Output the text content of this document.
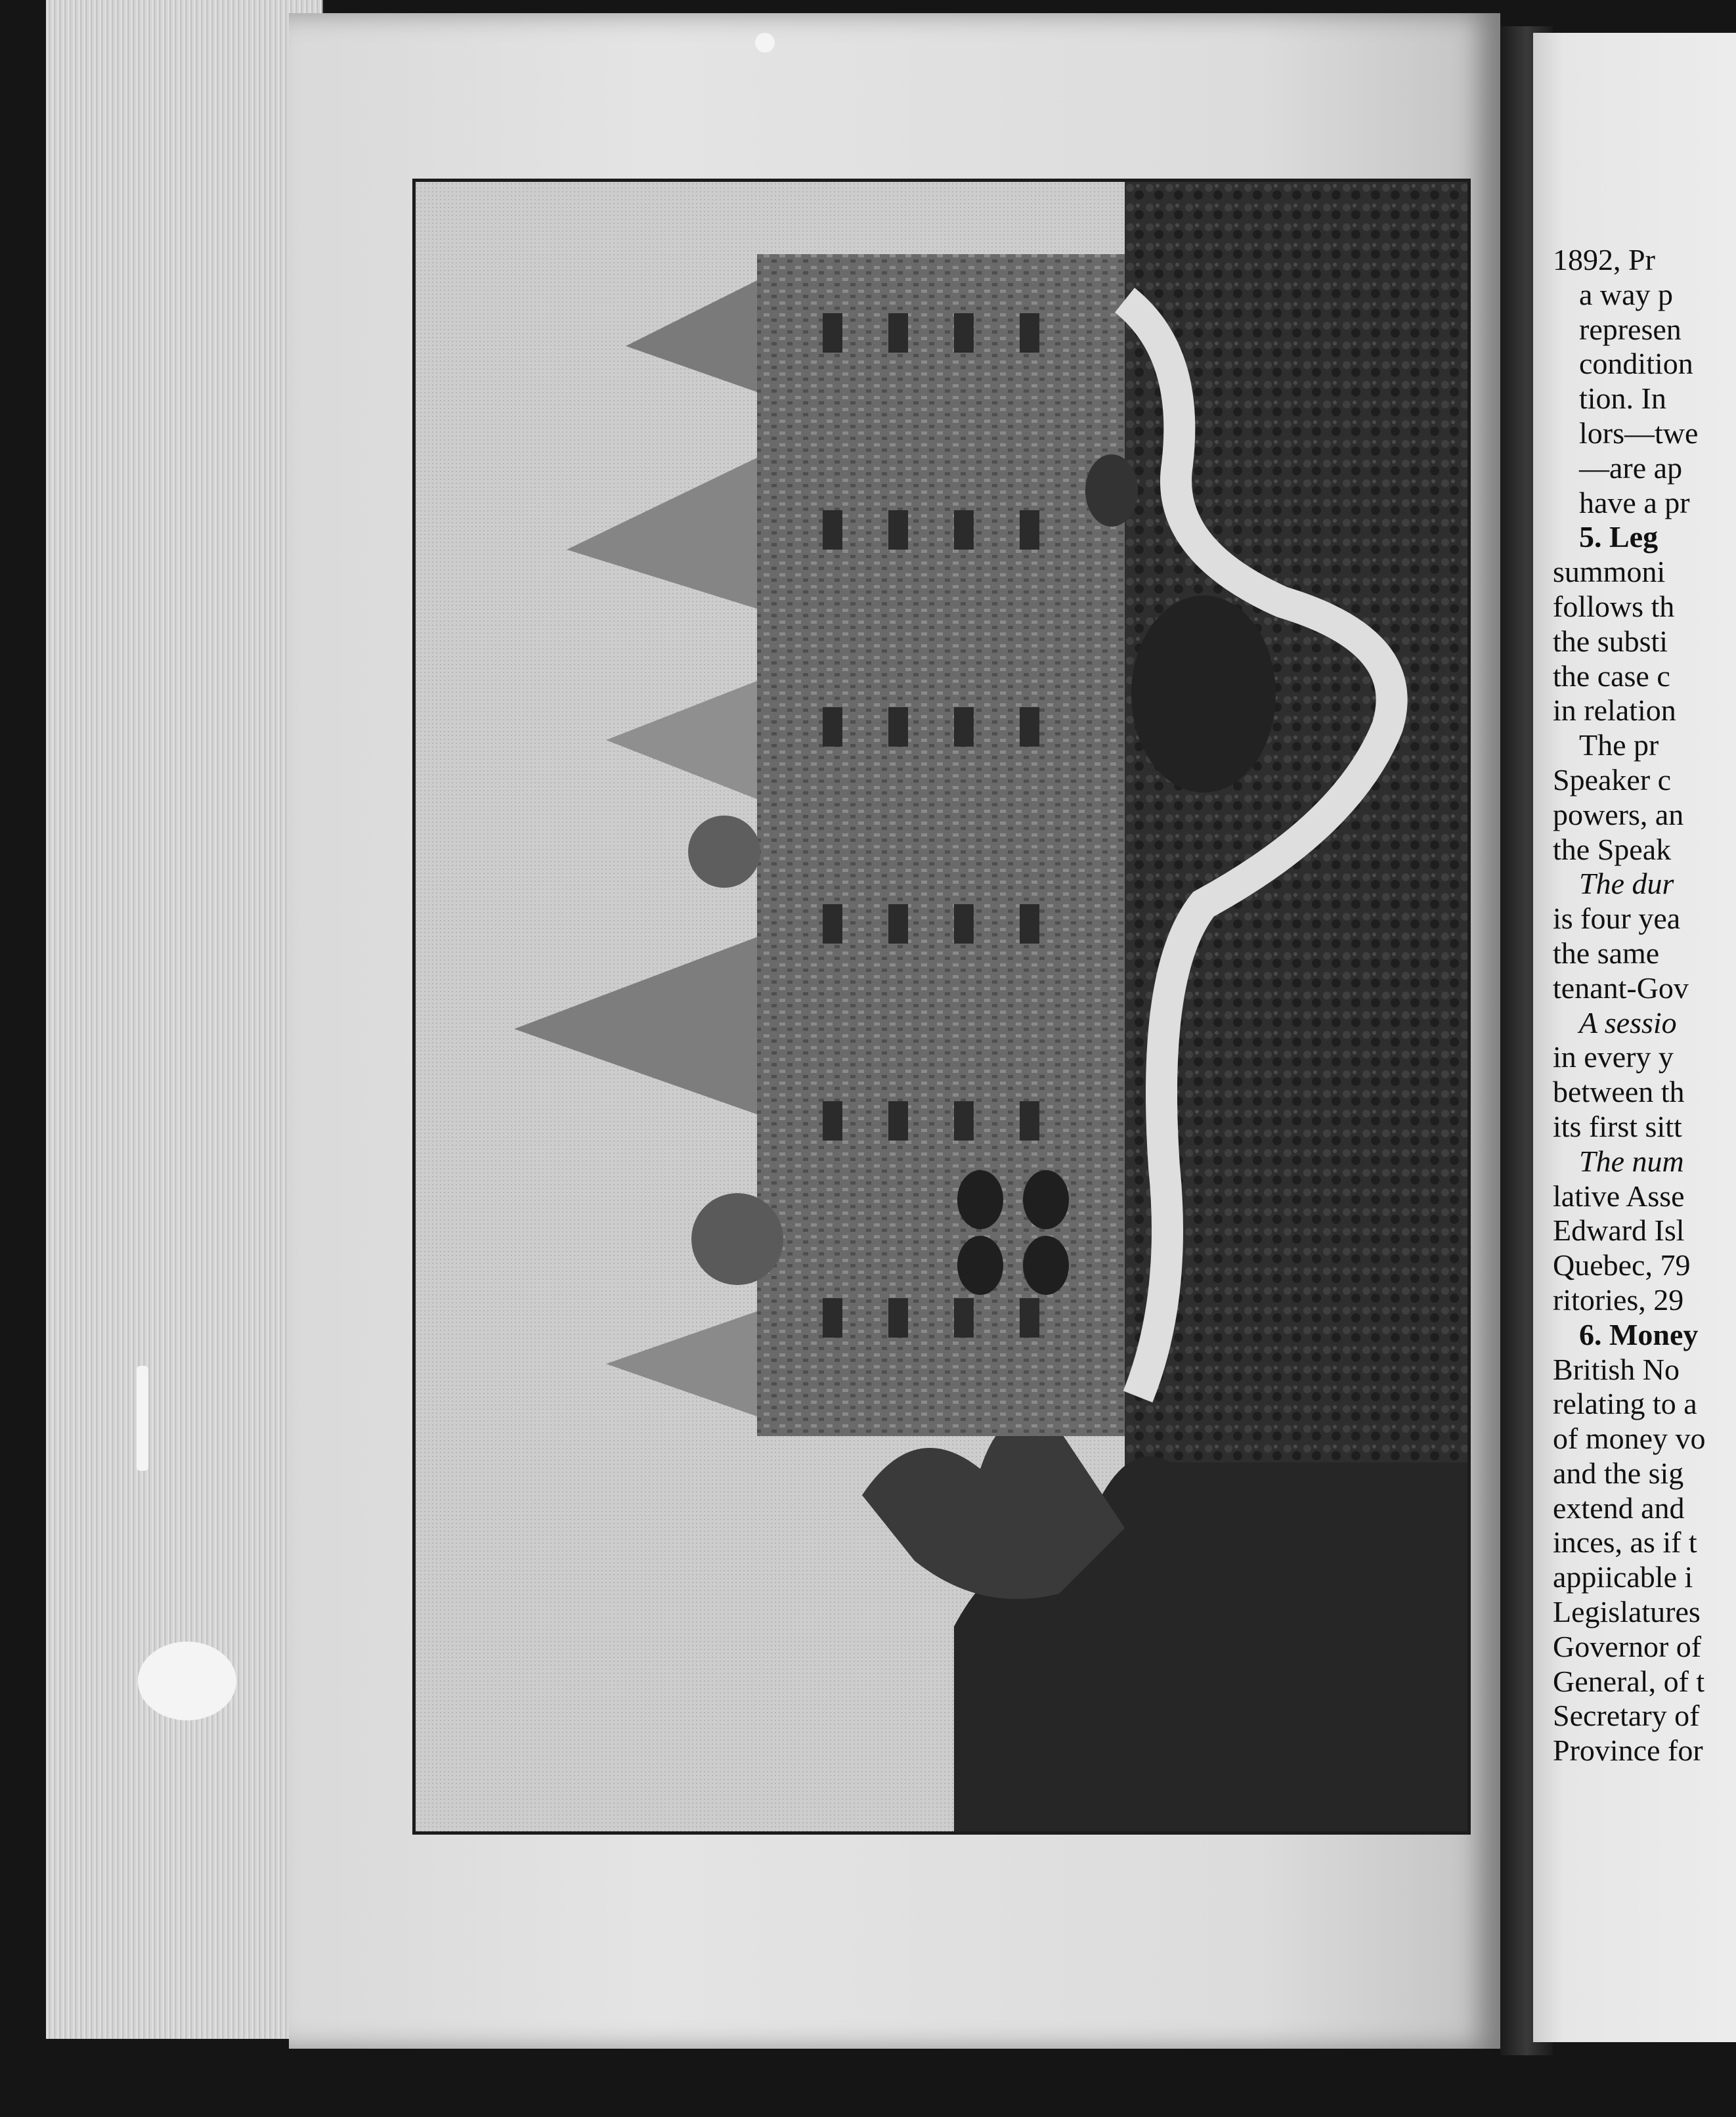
1892, Pr
a way p
represen
condition
tion. In
lors—twe
—are ap
have a pr
5. Leg
summoni
follows th
the substi
the case c
in relation
The pr
Speaker c
powers, an
the Speak
The dur
is four yea
the same
tenant-Gov
A sessio
in every y
between th
its first sitt
The num
lative Asse
Edward Isl
Quebec, 79
ritories, 29
6. Money
British No
relating to a
of money vo
and the sig
extend and
inces, as if t
appiicable i
Legislatures
Governor of
General, of t
Secretary of
Province for
